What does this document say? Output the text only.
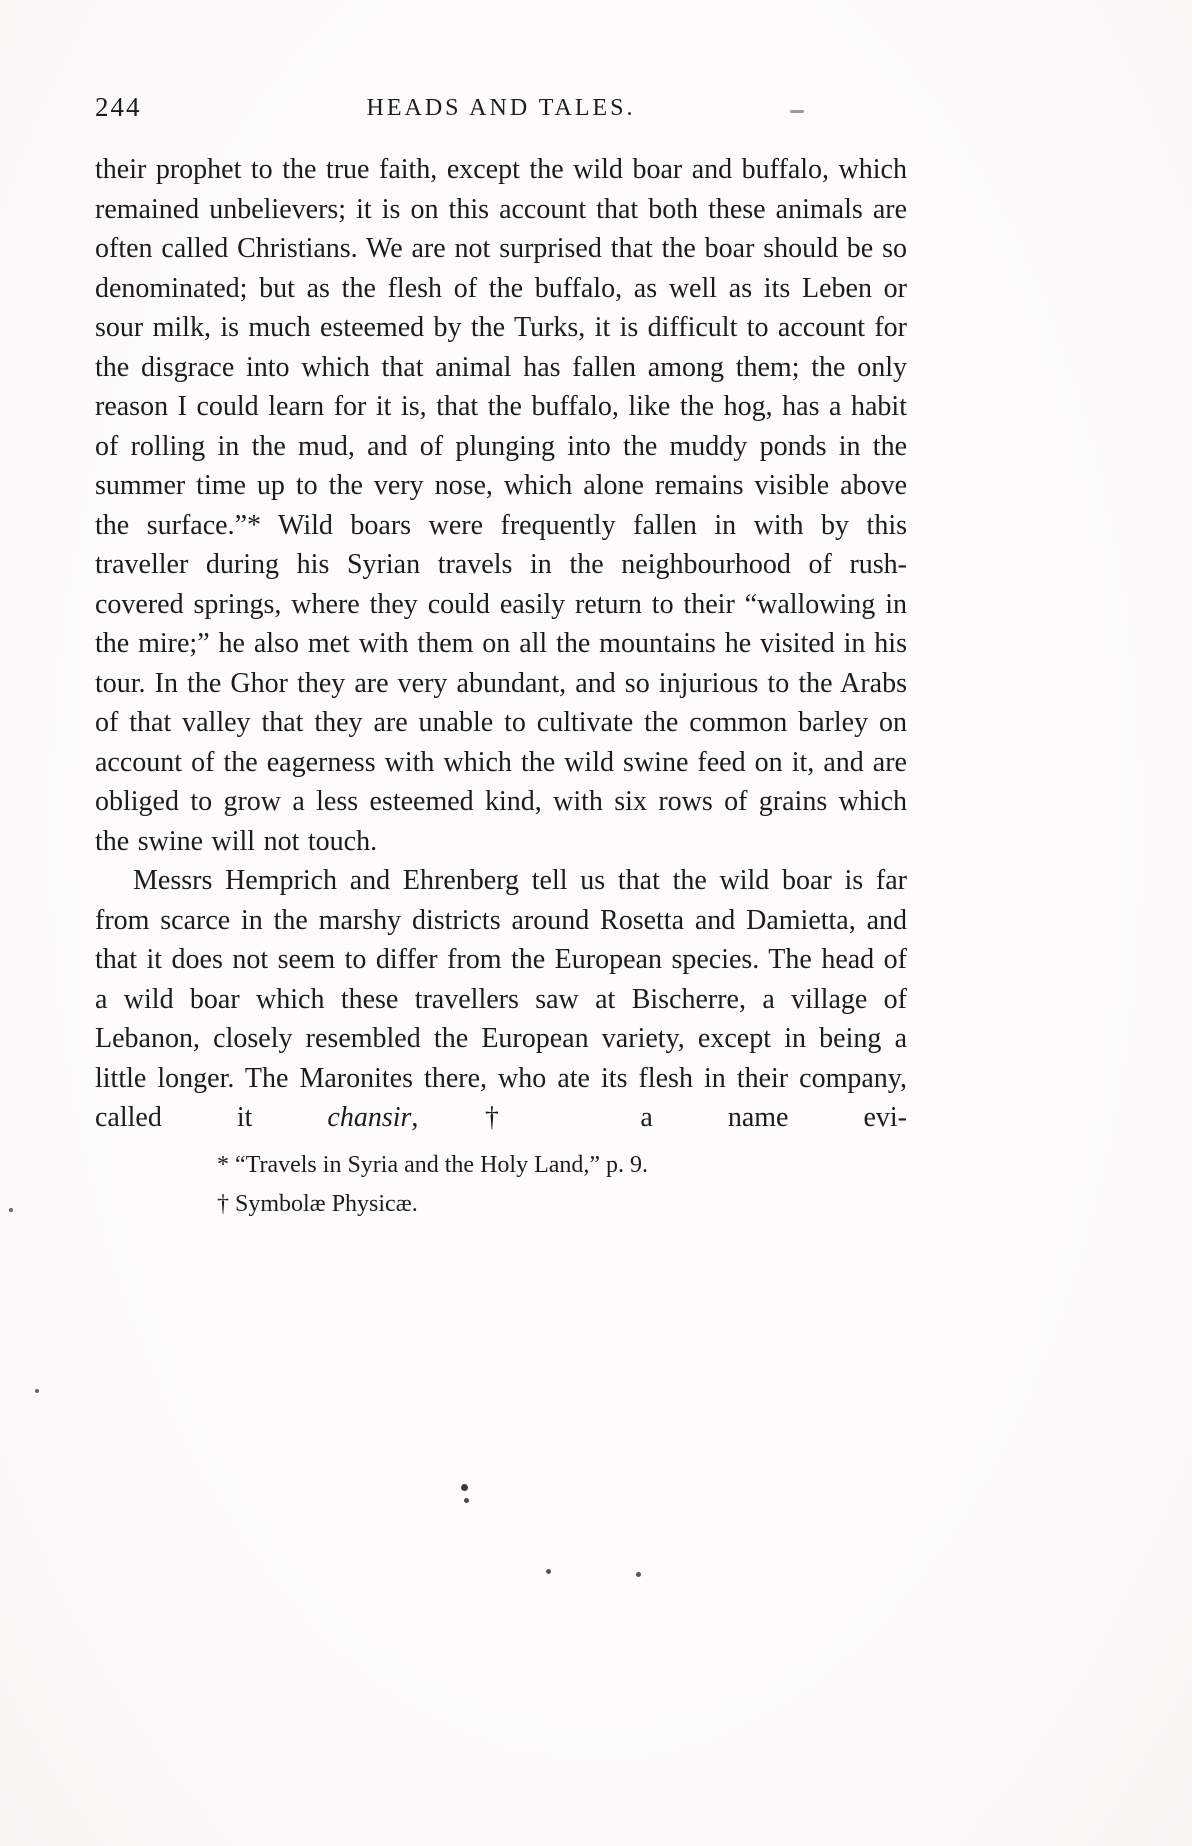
244	HEADS AND TALES.

their prophet to the true faith, except the wild boar and buffalo, which remained unbelievers; it is on this account that both these animals are often called Christians. We are not surprised that the boar should be so denominated; but as the flesh of the buffalo, as well as its Leben or sour milk, is much esteemed by the Turks, it is difficult to account for the disgrace into which that animal has fallen among them; the only reason I could learn for it is, that the buffalo, like the hog, has a habit of rolling in the mud, and of plunging into the muddy ponds in the summer time up to the very nose, which alone remains visible above the surface.”* Wild boars were frequently fallen in with by this traveller during his Syrian travels in the neighbourhood of rush-covered springs, where they could easily return to their “wallowing in the mire;” he also met with them on all the mountains he visited in his tour. In the Ghor they are very abundant, and so injurious to the Arabs of that valley that they are unable to cultivate the common barley on account of the eagerness with which the wild swine feed on it, and are obliged to grow a less esteemed kind, with six rows of grains which the swine will not touch.

Messrs Hemprich and Ehrenberg tell us that the wild boar is far from scarce in the marshy districts around Rosetta and Damietta, and that it does not seem to differ from the European species. The head of a wild boar which these travellers saw at Bischerre, a village of Lebanon, closely resembled the European variety, except in being a little longer. The Maronites there, who ate its flesh in their company, called it chansir,† a name evi-

* “Travels in Syria and the Holy Land,” p. 9.

† Symbolæ Physicæ.
